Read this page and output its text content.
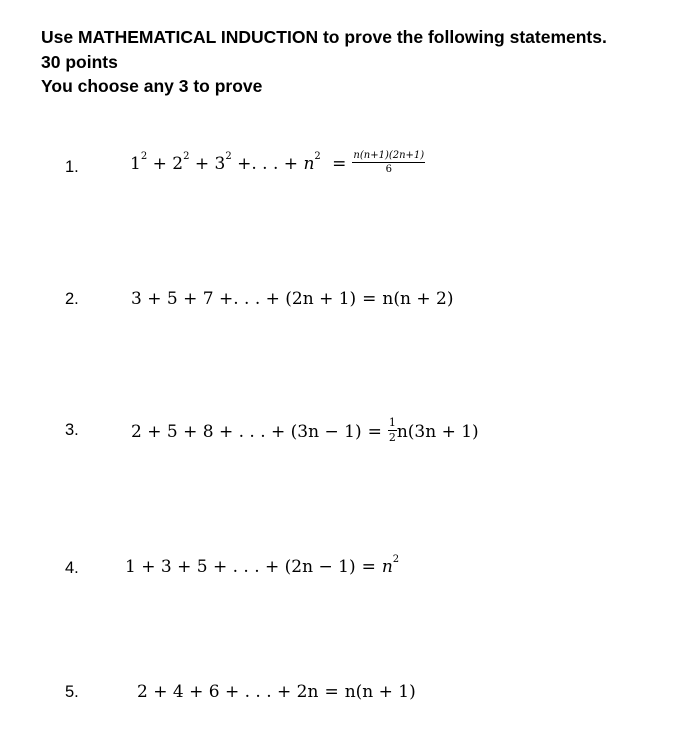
Use MATHEMATICAL INDUCTION to prove the following statements.
30 points
You choose any 3 to prove
1.	$1^2 + 2^2 + 3^2$ +. . . + $n^2 = \frac{n(n+1)(2n+1)}{6}$
2.	3 + 5 + 7 +. . . + (2n + 1) = n(n + 2)
3.	2 + 5 + 8 + . . . + $(3n - 1) = \frac{1}{2} n(3n + 1)$
4.	1 + 3 + 5 + . . . + $(2n - 1) = n^2$
5.	2 + 4 + 6 + . . . + 2n = n(n + 1)
